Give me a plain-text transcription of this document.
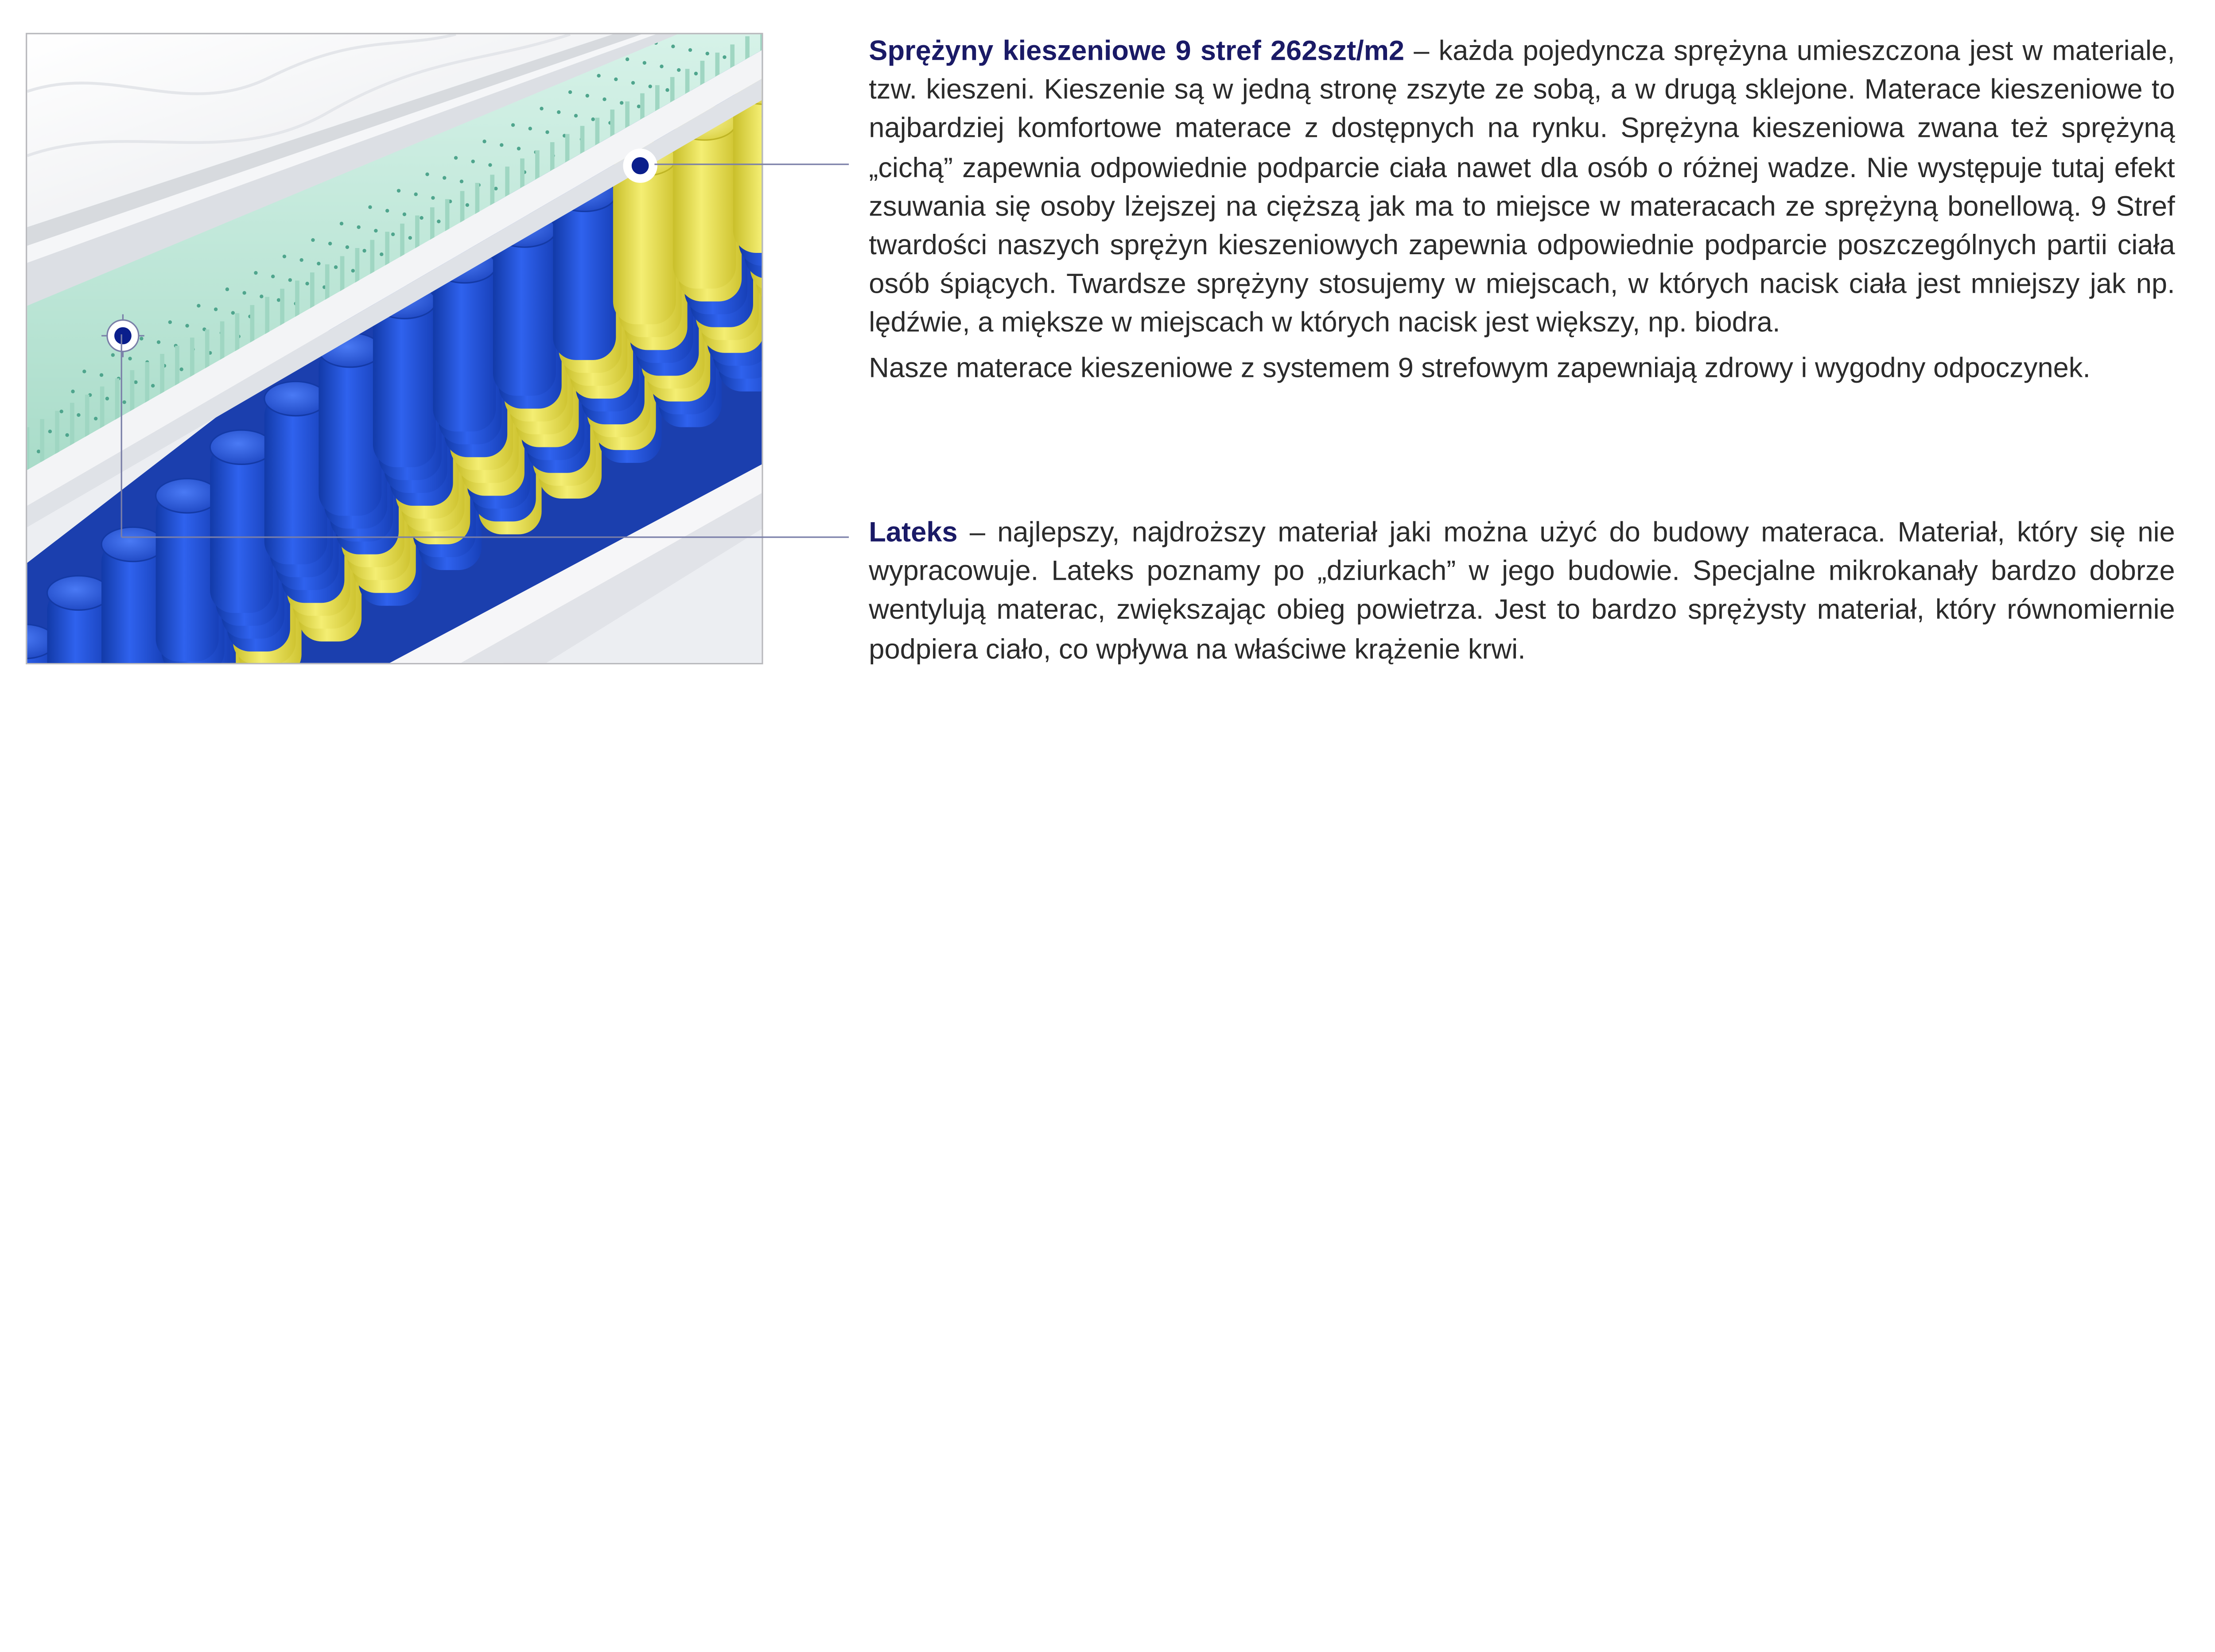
Sprężyny kieszeniowe 9 stref 262szt/m2 – każda pojedyncza sprężyna umieszczona jest w materiale, tzw. kieszeni. Kieszenie są w jedną stronę zszyte ze sobą, a w drugą sklejone. Materace kieszeniowe to najbardziej komfortowe materace z dostępnych na rynku. Sprężyna kieszeniowa zwana też sprężyną „cichą” zapewnia odpowiednie podparcie ciała nawet dla osób o różnej wadze. Nie występuje tutaj efekt zsuwania się osoby lżejszej na cięższą jak ma to miejsce w materacach ze sprężyną bonellową. 9 Stref twardości naszych sprężyn kieszeniowych zapewnia odpowiednie podparcie poszczególnych partii ciała osób śpiących. Twardsze sprężyny stosujemy w miejscach, w których nacisk ciała jest mniejszy jak np. lędźwie, a miększe w miejscach w których nacisk jest większy, np. biodra.

Nasze materace kieszeniowe z systemem 9 strefowym zapewniają zdrowy i wygodny odpoczynek.

Lateks – najlepszy, najdroższy materiał jaki można użyć do budowy materaca. Materiał, który się nie wypracowuje. Lateks poznamy po „dziurkach” w jego budowie. Specjalne mikrokanały bardzo dobrze wentylują materac, zwiększając obieg powietrza. Jest to bardzo sprężysty materiał, który równomiernie podpiera ciało, co wpływa na właściwe krążenie krwi.
